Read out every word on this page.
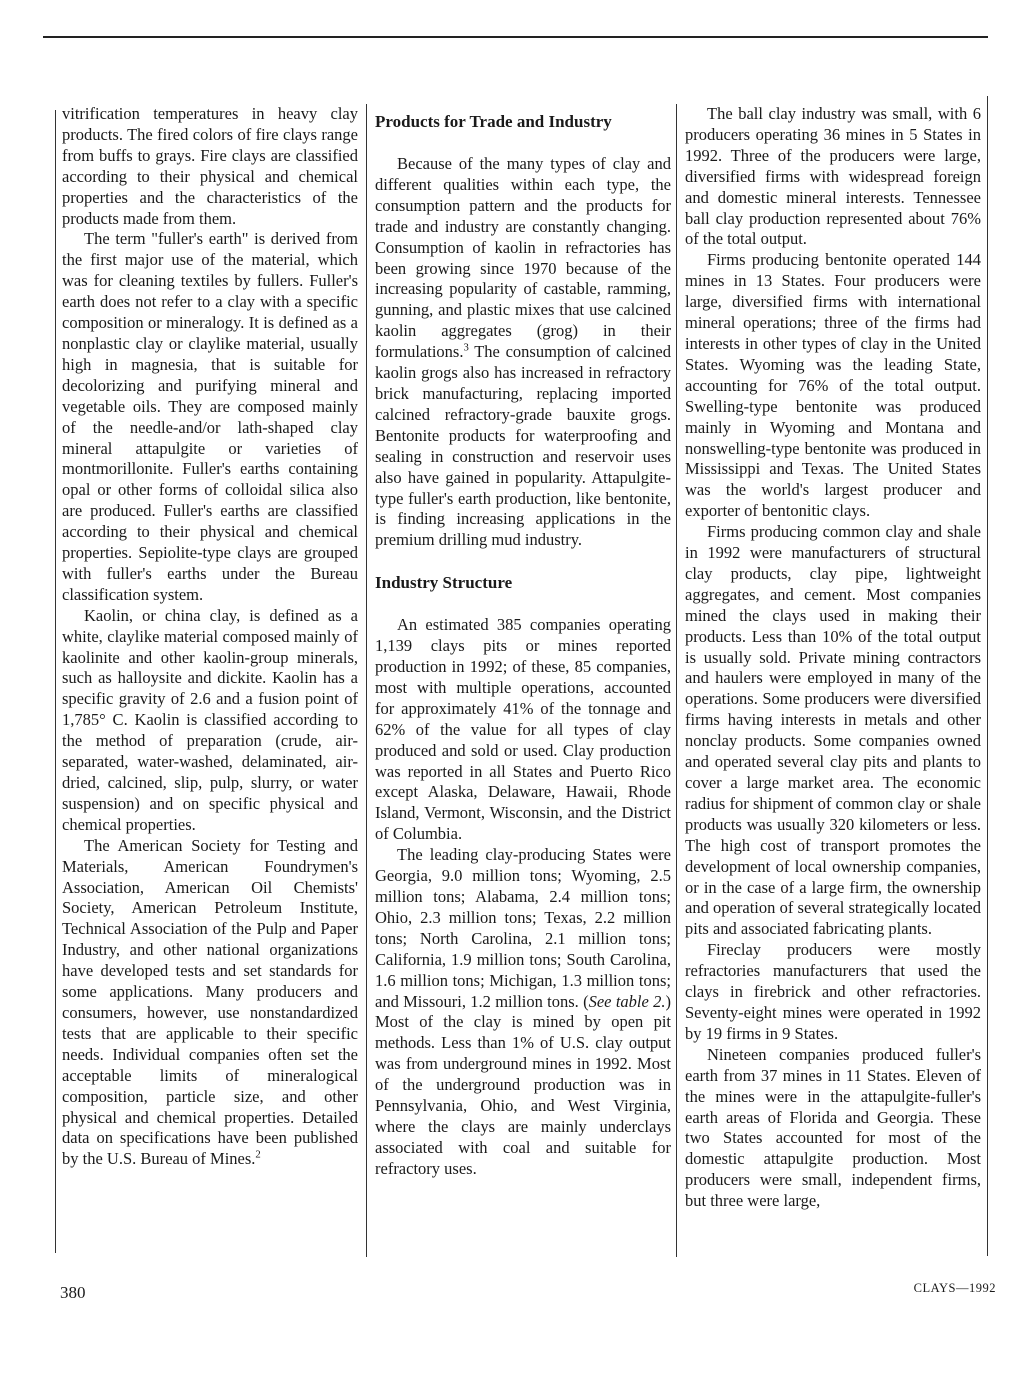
vitrification temperatures in heavy clay products. The fired colors of fire clays range from buffs to grays. Fire clays are classified according to their physical and chemical properties and the characteristics of the products made from them.

The term "fuller's earth" is derived from the first major use of the material, which was for cleaning textiles by fullers. Fuller's earth does not refer to a clay with a specific composition or mineralogy. It is defined as a nonplastic clay or claylike material, usually high in magnesia, that is suitable for decolorizing and purifying mineral and vegetable oils. They are composed mainly of the needle-and/or lath-shaped clay mineral attapulgite or varieties of montmorillonite. Fuller's earths containing opal or other forms of colloidal silica also are produced. Fuller's earths are classified according to their physical and chemical properties. Sepiolite-type clays are grouped with fuller's earths under the Bureau classification system.

Kaolin, or china clay, is defined as a white, claylike material composed mainly of kaolinite and other kaolin-group minerals, such as halloysite and dickite. Kaolin has a specific gravity of 2.6 and a fusion point of 1,785° C. Kaolin is classified according to the method of preparation (crude, air-separated, water-washed, delaminated, air-dried, calcined, slip, pulp, slurry, or water suspension) and on specific physical and chemical properties.

The American Society for Testing and Materials, American Foundrymen's Association, American Oil Chemists' Society, American Petroleum Institute, Technical Association of the Pulp and Paper Industry, and other national organizations have developed tests and set standards for some applications. Many producers and consumers, however, use nonstandardized tests that are applicable to their specific needs. Individual companies often set the acceptable limits of mineralogical composition, particle size, and other physical and chemical properties. Detailed data on specifications have been published by the U.S. Bureau of Mines.$^2$

Products for Trade and Industry

Because of the many types of clay and different qualities within each type, the consumption pattern and the products for trade and industry are constantly changing. Consumption of kaolin in refractories has been growing since 1970 because of the increasing popularity of castable, ramming, gunning, and plastic mixes that use calcined kaolin aggregates (grog) in their formulations.$^3$ The consumption of calcined kaolin grogs also has increased in refractory brick manufacturing, replacing imported calcined refractory-grade bauxite grogs. Bentonite products for waterproofing and sealing in construction and reservoir uses also have gained in popularity. Attapulgite-type fuller's earth production, like bentonite, is finding increasing applications in the premium drilling mud industry.

Industry Structure

An estimated 385 companies operating 1,139 clays pits or mines reported production in 1992; of these, 85 companies, most with multiple operations, accounted for approximately 41% of the tonnage and 62% of the value for all types of clay produced and sold or used. Clay production was reported in all States and Puerto Rico except Alaska, Delaware, Hawaii, Rhode Island, Vermont, Wisconsin, and the District of Columbia.

The leading clay-producing States were Georgia, 9.0 million tons; Wyoming, 2.5 million tons; Alabama, 2.4 million tons; Ohio, 2.3 million tons; Texas, 2.2 million tons; North Carolina, 2.1 million tons; California, 1.9 million tons; South Carolina, 1.6 million tons; Michigan, 1.3 million tons; and Missouri, 1.2 million tons. (See table 2.) Most of the clay is mined by open pit methods. Less than 1% of U.S. clay output was from underground mines in 1992. Most of the underground production was in Pennsylvania, Ohio, and West Virginia, where the clays are mainly underclays associated with coal and suitable for refractory uses.

The ball clay industry was small, with 6 producers operating 36 mines in 5 States in 1992. Three of the producers were large, diversified firms with widespread foreign and domestic mineral interests. Tennessee ball clay production represented about 76% of the total output.

Firms producing bentonite operated 144 mines in 13 States. Four producers were large, diversified firms with international mineral operations; three of the firms had interests in other types of clay in the United States. Wyoming was the leading State, accounting for 76% of the total output. Swelling-type bentonite was produced mainly in Wyoming and Montana and nonswelling-type bentonite was produced in Mississippi and Texas. The United States was the world's largest producer and exporter of bentonitic clays.

Firms producing common clay and shale in 1992 were manufacturers of structural clay products, clay pipe, lightweight aggregates, and cement. Most companies mined the clays used in making their products. Less than 10% of the total output is usually sold. Private mining contractors and haulers were employed in many of the operations. Some producers were diversified firms having interests in metals and other nonclay products. Some companies owned and operated several clay pits and plants to cover a large market area. The economic radius for shipment of common clay or shale products was usually 320 kilometers or less. The high cost of transport promotes the development of local ownership companies, or in the case of a large firm, the ownership and operation of several strategically located pits and associated fabricating plants.

Fireclay producers were mostly refractories manufacturers that used the clays in firebrick and other refractories. Seventy-eight mines were operated in 1992 by 19 firms in 9 States.

Nineteen companies produced fuller's earth from 37 mines in 11 States. Eleven of the mines were in the attapulgite-fuller's earth areas of Florida and Georgia. These two States accounted for most of the domestic attapulgite production. Most producers were small, independent firms, but three were large,

380	CLAYS—1992
